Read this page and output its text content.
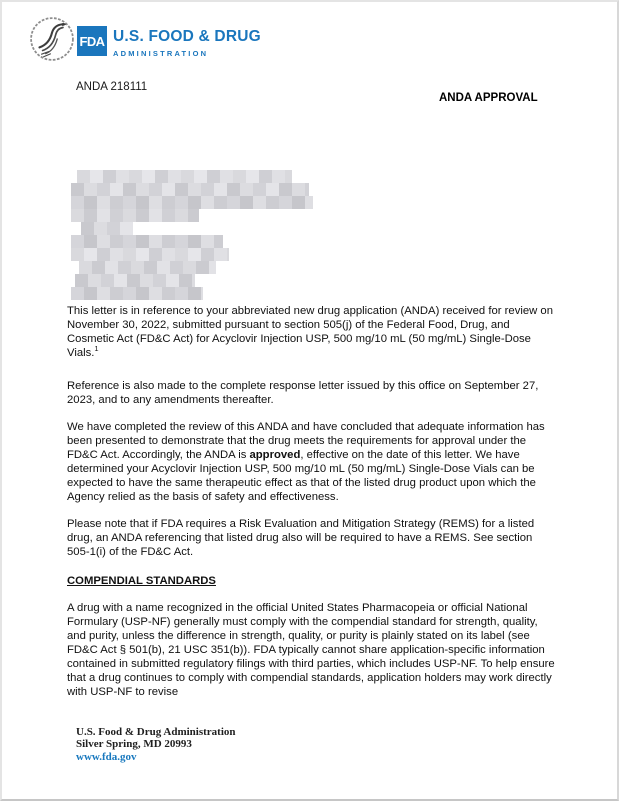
FDA U.S. FOOD & DRUG
ADMINISTRATION
ANDA 218111
ANDA APPROVAL

This letter is in reference to your abbreviated new drug application (ANDA) received for review on November 30, 2022, submitted pursuant to section 505(j) of the Federal Food, Drug, and Cosmetic Act (FD&C Act) for Acyclovir Injection USP, 500 mg/10 mL (50 mg/mL) Single-Dose Vials.$^1$

Reference is also made to the complete response letter issued by this office on September 27, 2023, and to any amendments thereafter.

We have completed the review of this ANDA and have concluded that adequate information has been presented to demonstrate that the drug meets the requirements for approval under the FD&C Act. Accordingly, the ANDA is approved, effective on the date of this letter. We have determined your Acyclovir Injection USP, 500 mg/10 mL (50 mg/mL) Single-Dose Vials can be expected to have the same therapeutic effect as that of the listed drug product upon which the Agency relied as the basis of safety and effectiveness.

Please note that if FDA requires a Risk Evaluation and Mitigation Strategy (REMS) for a listed drug, an ANDA referencing that listed drug also will be required to have a REMS. See section 505-1(i) of the FD&C Act.

COMPENDIAL STANDARDS

A drug with a name recognized in the official United States Pharmacopeia or official National Formulary (USP-NF) generally must comply with the compendial standard for strength, quality, and purity, unless the difference in strength, quality, or purity is plainly stated on its label (see FD&C Act § 501(b), 21 USC 351(b)). FDA typically cannot share application-specific information contained in submitted regulatory filings with third parties, which includes USP-NF. To help ensure that a drug continues to comply with compendial standards, application holders may work directly with USP-NF to revise

U.S. Food & Drug Administration
Silver Spring, MD 20993
www.fda.gov
